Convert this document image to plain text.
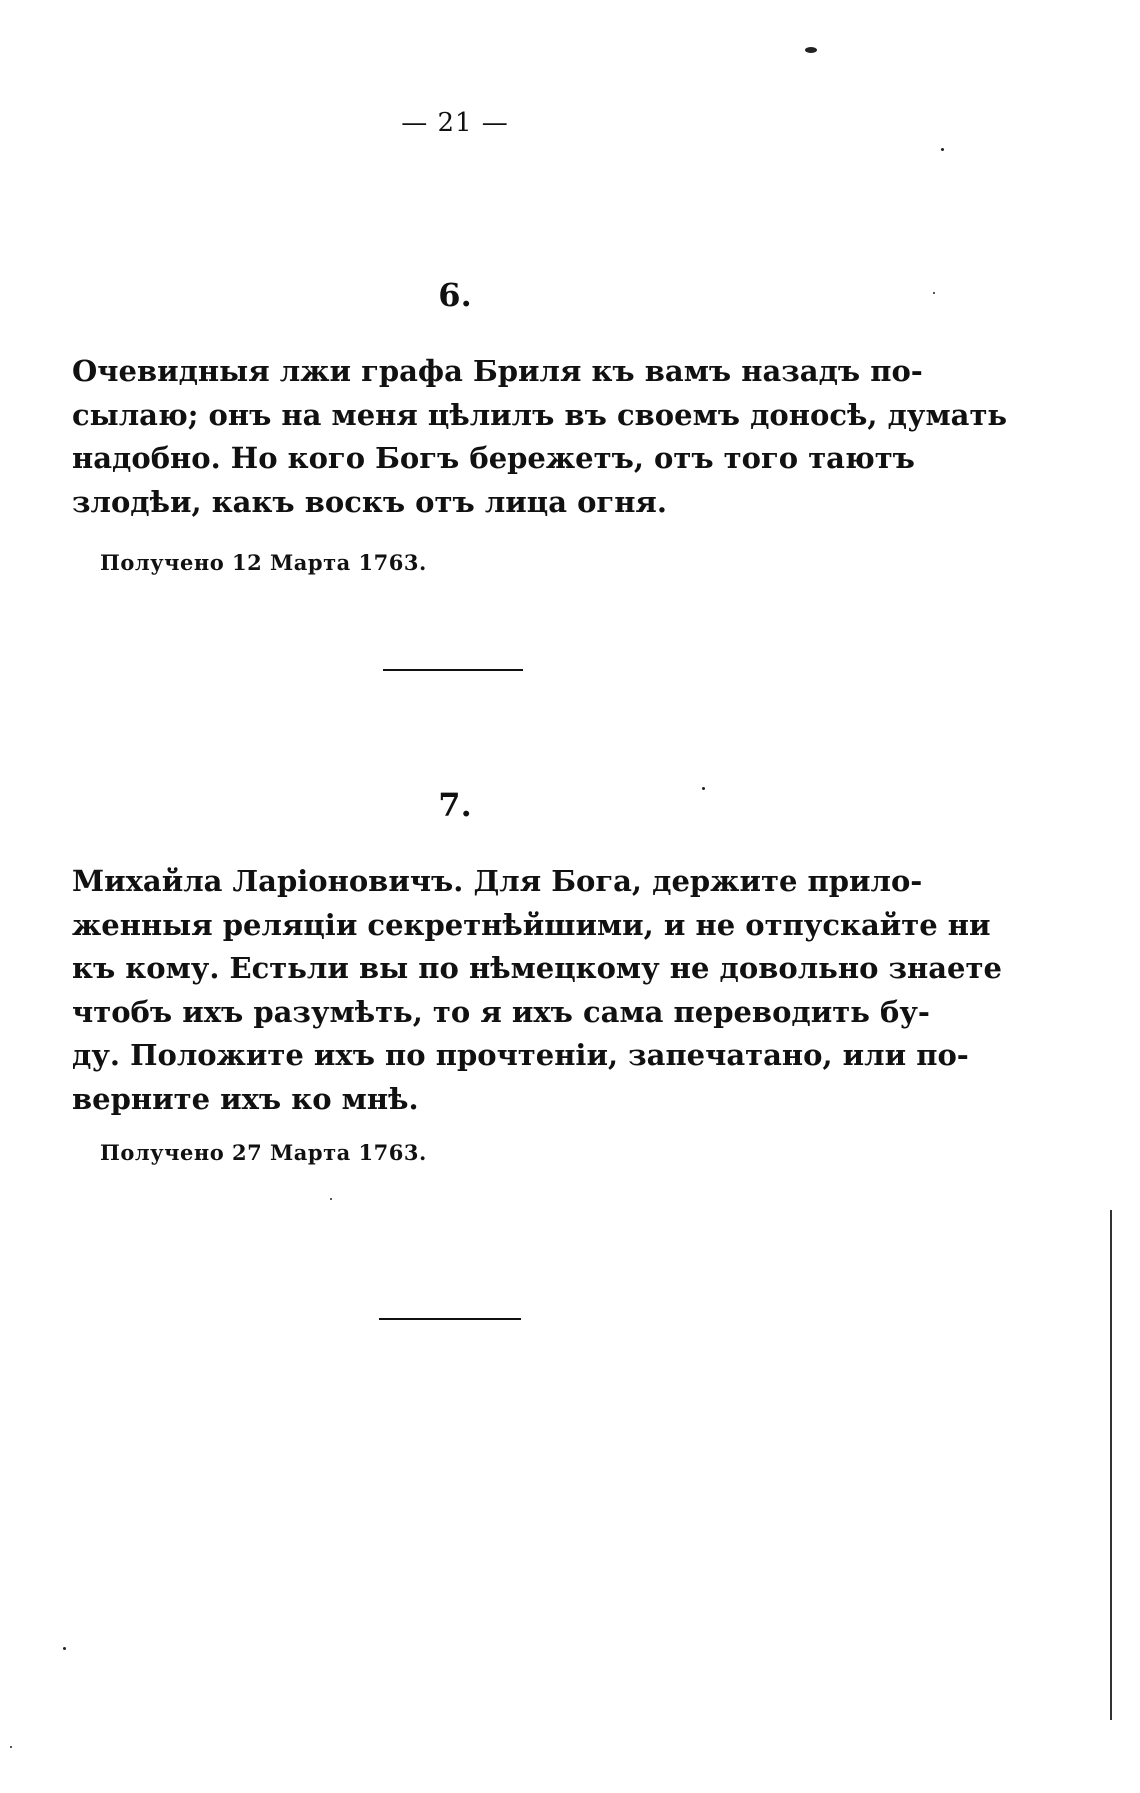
— 21 —
6.
Очевидныя лжи графа Бриля къ вамъ назадъ по-
сылаю; онъ на меня цѣлилъ въ своемъ доносѣ, думать
надобно. Но кого Богъ бережетъ, отъ того таютъ
злодѣи, какъ воскъ отъ лица огня.
Получено 12 Марта 1763.
7.
Михайла Ларіоновичъ. Для Бога, держите прило-
женныя реляціи секретнѣйшими, и не отпускайте ни
къ кому. Естьли вы по нѣмецкому не довольно знаете
чтобъ ихъ разумѣть, то я ихъ сама переводить бу-
ду. Положите ихъ по прочтеніи, запечатано, или по-
верните ихъ ко мнѣ.
Получено 27 Марта 1763.
